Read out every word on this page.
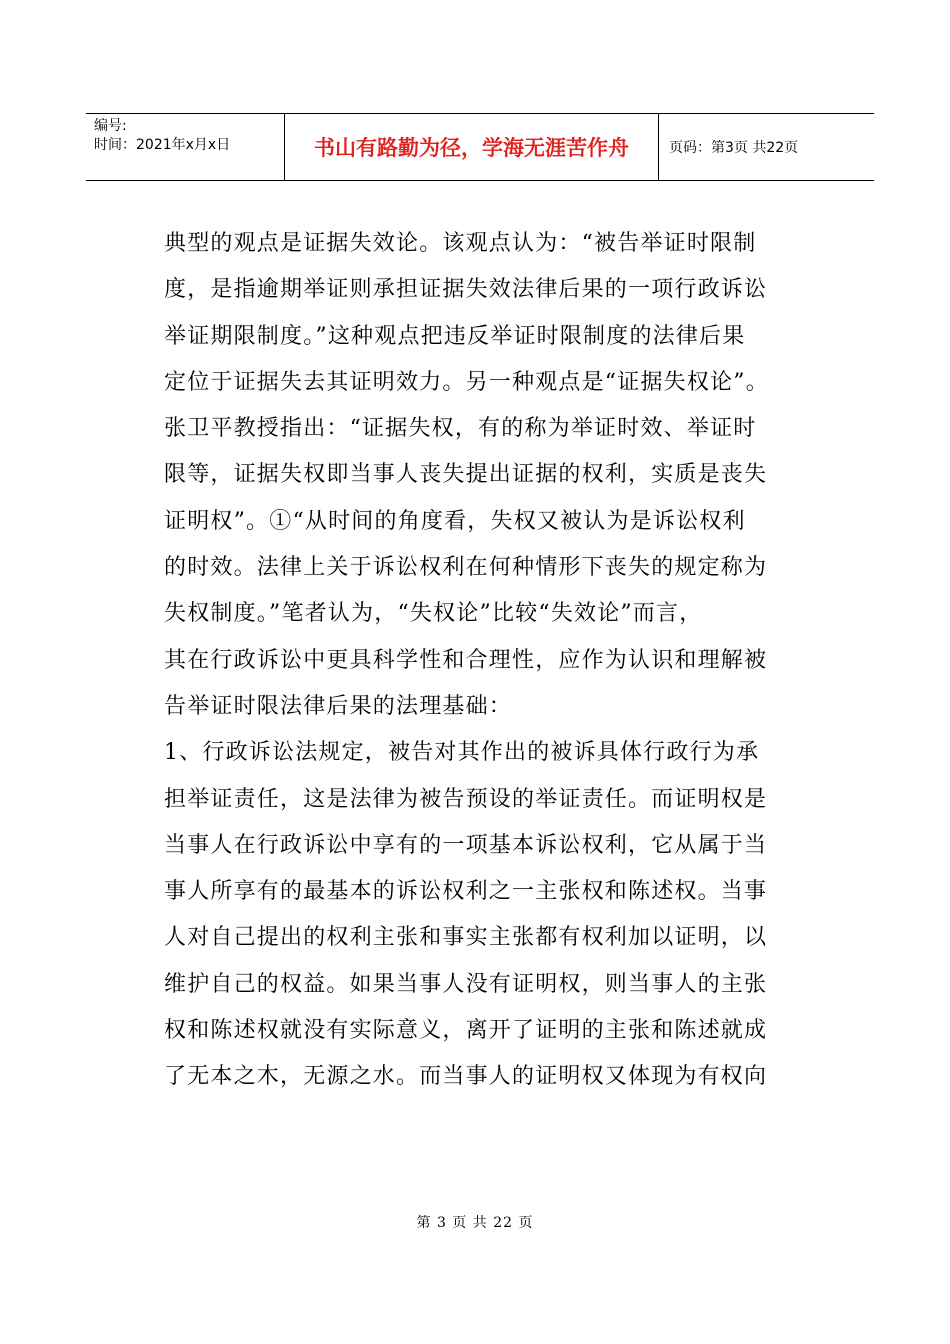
编号:
时间：2021年x月x日	书山有路勤为径，学海无涯苦作舟	页码：第3页 共22页
典型的观点是证据失效论。该观点认为：“被告举证时限制
度，是指逾期举证则承担证据失效法律后果的一项行政诉讼
举证期限制度。”这种观点把违反举证时限制度的法律后果
定位于证据失去其证明效力。另一种观点是“证据失权论”。
张卫平教授指出：“证据失权，有的称为举证时效、举证时
限等，证据失权即当事人丧失提出证据的权利，实质是丧失
证明权”。①“从时间的角度看，失权又被认为是诉讼权利
的时效。法律上关于诉讼权利在何种情形下丧失的规定称为
失权制度。”笔者认为，“失权论”比较“失效论”而言，
其在行政诉讼中更具科学性和合理性，应作为认识和理解被
告举证时限法律后果的法理基础：
1、行政诉讼法规定，被告对其作出的被诉具体行政行为承
担举证责任，这是法律为被告预设的举证责任。而证明权是
当事人在行政诉讼中享有的一项基本诉讼权利，它从属于当
事人所享有的最基本的诉讼权利之一主张权和陈述权。当事
人对自己提出的权利主张和事实主张都有权利加以证明，以
维护自己的权益。如果当事人没有证明权，则当事人的主张
权和陈述权就没有实际意义，离开了证明的主张和陈述就成
了无本之木，无源之水。而当事人的证明权又体现为有权向
第 3 页 共 22 页
